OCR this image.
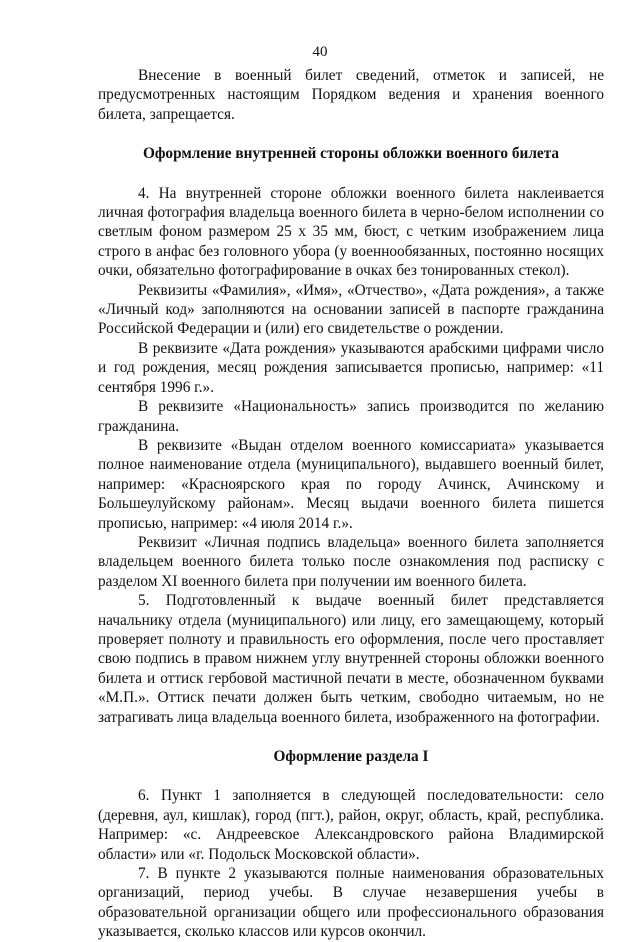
40

Внесение в военный билет сведений, отметок и записей, не предусмотренных настоящим Порядком ведения и хранения военного билета, запрещается.

Оформление внутренней стороны обложки военного билета

4. На внутренней стороне обложки военного билета наклеивается личная фотография владельца военного билета в черно-белом исполнении со светлым фоном размером 25 х 35 мм, бюст, с четким изображением лица строго в анфас без головного убора (у военнообязанных, постоянно носящих очки, обязательно фотографирование в очках без тонированных стекол).

Реквизиты «Фамилия», «Имя», «Отчество», «Дата рождения», а также «Личный код» заполняются на основании записей в паспорте гражданина Российской Федерации и (или) его свидетельстве о рождении.

В реквизите «Дата рождения» указываются арабскими цифрами число и год рождения, месяц рождения записывается прописью, например: «11 сентября 1996 г.».

В реквизите «Национальность» запись производится по желанию гражданина.

В реквизите «Выдан отделом военного комиссариата» указывается полное наименование отдела (муниципального), выдавшего военный билет, например: «Красноярского края по городу Ачинск, Ачинскому и Большеулуйскому районам». Месяц выдачи военного билета пишется прописью, например: «4 июля 2014 г.».

Реквизит «Личная подпись владельца» военного билета заполняется владельцем военного билета только после ознакомления под расписку с разделом XI военного билета при получении им военного билета.

5. Подготовленный к выдаче военный билет представляется начальнику отдела (муниципального) или лицу, его замещающему, который проверяет полноту и правильность его оформления, после чего проставляет свою подпись в правом нижнем углу внутренней стороны обложки военного билета и оттиск гербовой мастичной печати в месте, обозначенном буквами «М.П.». Оттиск печати должен быть четким, свободно читаемым, но не затрагивать лица владельца военного билета, изображенного на фотографии.

Оформление раздела I

6. Пункт 1 заполняется в следующей последовательности: село (деревня, аул, кишлак), город (пгт.), район, округ, область, край, республика. Например: «с. Андреевское Александровского района Владимирской области» или «г. Подольск Московской области».

7. В пункте 2 указываются полные наименования образовательных организаций, период учебы. В случае незавершения учебы в образовательной организации общего или профессионального образования указывается, сколько классов или курсов окончил.
